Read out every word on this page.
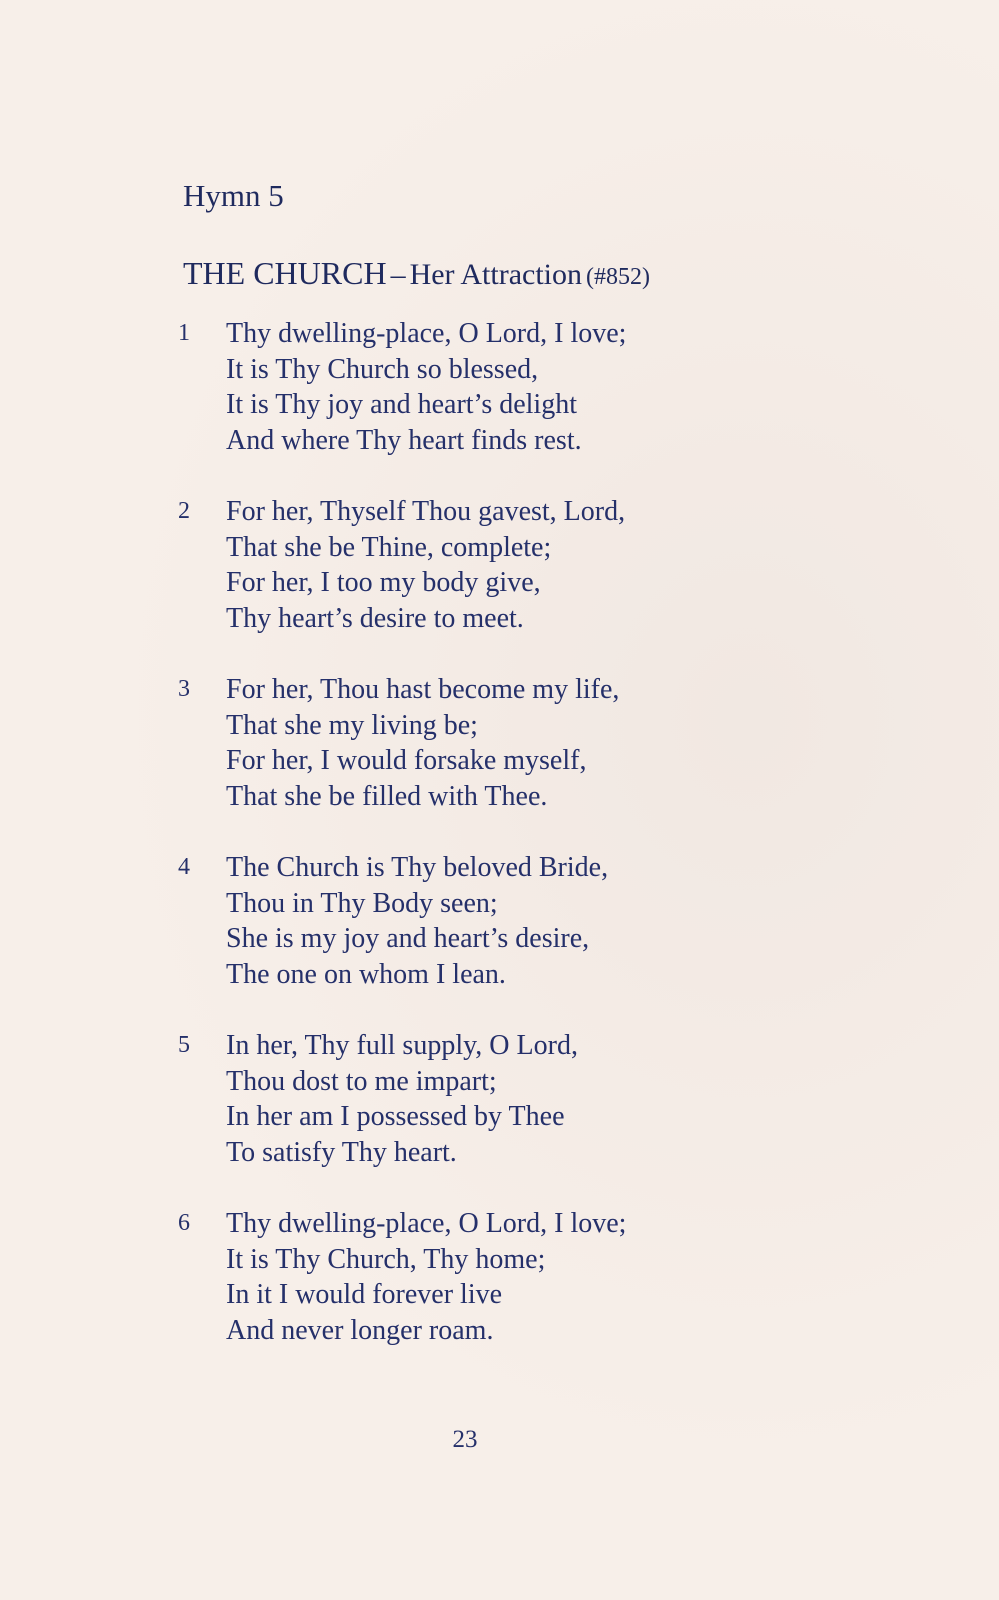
Hymn 5
THE CHURCH – Her Attraction (#852)
1	Thy dwelling-place, O Lord, I love;
It is Thy Church so blessed,
It is Thy joy and heart’s delight
And where Thy heart finds rest.
2	For her, Thyself Thou gavest, Lord,
That she be Thine, complete;
For her, I too my body give,
Thy heart’s desire to meet.
3	For her, Thou hast become my life,
That she my living be;
For her, I would forsake myself,
That she be filled with Thee.
4	The Church is Thy beloved Bride,
Thou in Thy Body seen;
She is my joy and heart’s desire,
The one on whom I lean.
5	In her, Thy full supply, O Lord,
Thou dost to me impart;
In her am I possessed by Thee
To satisfy Thy heart.
6	Thy dwelling-place, O Lord, I love;
It is Thy Church, Thy home;
In it I would forever live
And never longer roam.
23
